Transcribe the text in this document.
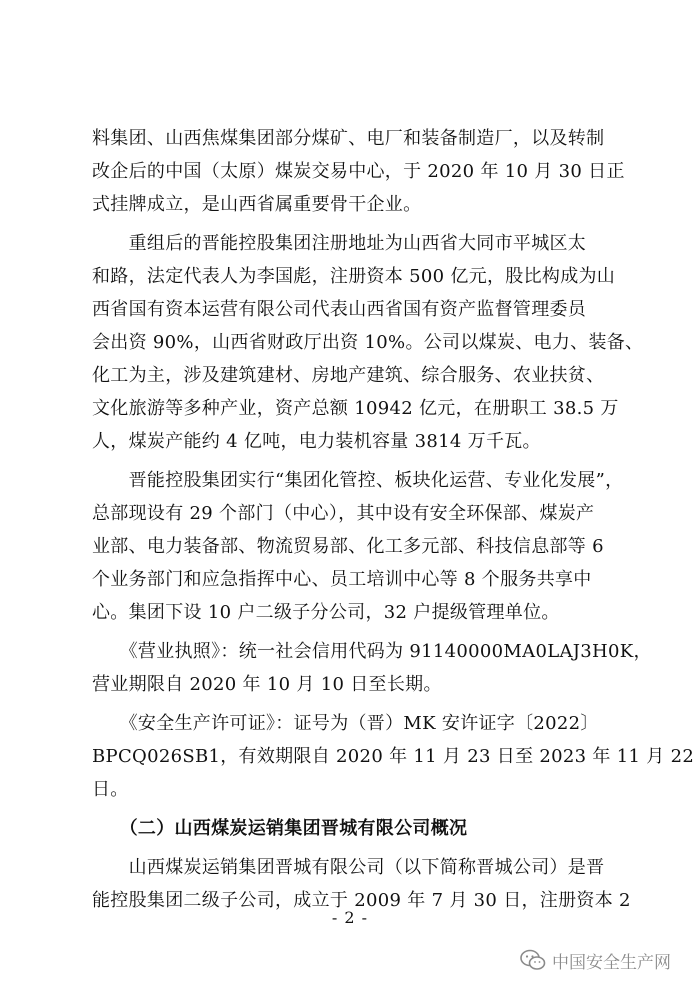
料集团、山西焦煤集团部分煤矿、电厂和装备制造厂，以及转制
改企后的中国（太原）煤炭交易中心，于 2020 年 10 月 30 日正
式挂牌成立，是山西省属重要骨干企业。

　　重组后的晋能控股集团注册地址为山西省大同市平城区太
和路，法定代表人为李国彪，注册资本 500 亿元，股比构成为山
西省国有资本运营有限公司代表山西省国有资产监督管理委员
会出资 90%，山西省财政厅出资 10%。公司以煤炭、电力、装备、
化工为主，涉及建筑建材、房地产建筑、综合服务、农业扶贫、
文化旅游等多种产业，资产总额 10942 亿元，在册职工 38.5 万
人，煤炭产能约 4 亿吨，电力装机容量 3814 万千瓦。

　　晋能控股集团实行“集团化管控、板块化运营、专业化发展”，
总部现设有 29 个部门（中心），其中设有安全环保部、煤炭产
业部、电力装备部、物流贸易部、化工多元部、科技信息部等 6
个业务部门和应急指挥中心、员工培训中心等 8 个服务共享中
心。集团下设 10 户二级子分公司，32 户提级管理单位。

　　《营业执照》：统一社会信用代码为 91140000MA0LAJ3H0K，
营业期限自 2020 年 10 月 10 日至长期。

　　《安全生产许可证》：证号为（晋）MK 安许证字〔2022〕
BPCQ026SB1，有效期限自 2020 年 11 月 23 日至 2023 年 11 月 22
日。

　　（二）山西煤炭运销集团晋城有限公司概况

　　山西煤炭运销集团晋城有限公司（以下简称晋城公司）是晋
能控股集团二级子公司，成立于 2009 年 7 月 30 日，注册资本 2

- 2 -
中国安全生产网
